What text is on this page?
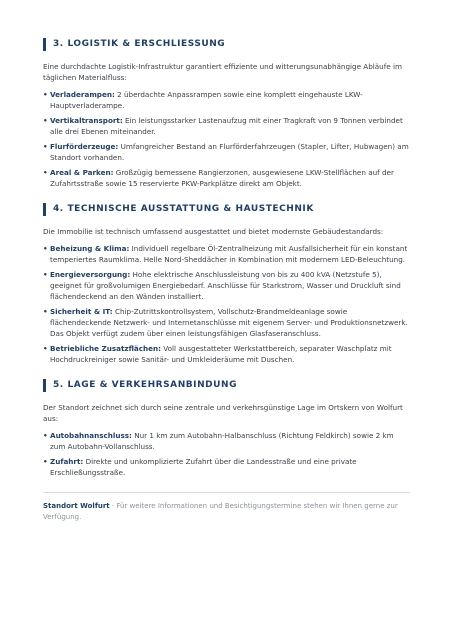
3. LOGISTIK & ERSCHLIESSUNG

Eine durchdachte Logistik-Infrastruktur garantiert effiziente und witterungsunabhängige Abläufe im täglichen Materialfluss:

• Verladerampen: 2 überdachte Anpassrampen sowie eine komplett eingehauste LKW-Hauptverladerampe.
• Vertikaltransport: Ein leistungsstarker Lastenaufzug mit einer Tragkraft von 9 Tonnen verbindet alle drei Ebenen miteinander.
• Flurförderzeuge: Umfangreicher Bestand an Flurförderfahrzeugen (Stapler, Lifter, Hubwagen) am Standort vorhanden.
• Areal & Parken: Großzügig bemessene Rangierzonen, ausgewiesene LKW-Stellflächen auf der Zufahrtsstraße sowie 15 reservierte PKW-Parkplätze direkt am Objekt.
4. TECHNISCHE AUSSTATTUNG & HAUSTECHNIK

Die Immobilie ist technisch umfassend ausgestattet und bietet modernste Gebäudestandards:

• Beheizung & Klima: Individuell regelbare Öl-Zentralheizung mit Ausfallsicherheit für ein konstant temperiertes Raumklima. Helle Nord-Sheddächer in Kombination mit modernem LED-Beleuchtung.
• Energieversorgung: Hohe elektrische Anschlussleistung von bis zu 400 kVA (Netzstufe 5), geeignet für großvolumigen Energiebedarf. Anschlüsse für Starkstrom, Wasser und Druckluft sind flächendeckend an den Wänden installiert.
• Sicherheit & IT: Chip-Zutrittskontrollsystem, Vollschutz-Brandmeldeanlage sowie flächendeckende Netzwerk- und Internetanschlüsse mit eigenem Server- und Produktionsnetzwerk. Das Objekt verfügt zudem über einen leistungsfähigen Glasfaseranschluss.
• Betriebliche Zusatzflächen: Voll ausgestatteter Werkstattbereich, separater Waschplatz mit Hochdruckreiniger sowie Sanitär- und Umkleideräume mit Duschen.
5. LAGE & VERKEHRSANBINDUNG

Der Standort zeichnet sich durch seine zentrale und verkehrsgünstige Lage im Ortskern von Wolfurt aus:

• Autobahnanschluss: Nur 1 km zum Autobahn-Halbanschluss (Richtung Feldkirch) sowie 2 km zum Autobahn-Vollanschluss.
• Zufahrt: Direkte und unkomplizierte Zufahrt über die Landesstraße und eine private Erschließungsstraße.
Standort Wolfurt · Für weitere Informationen und Besichtigungstermine stehen wir Ihnen gerne zur Verfügung.
